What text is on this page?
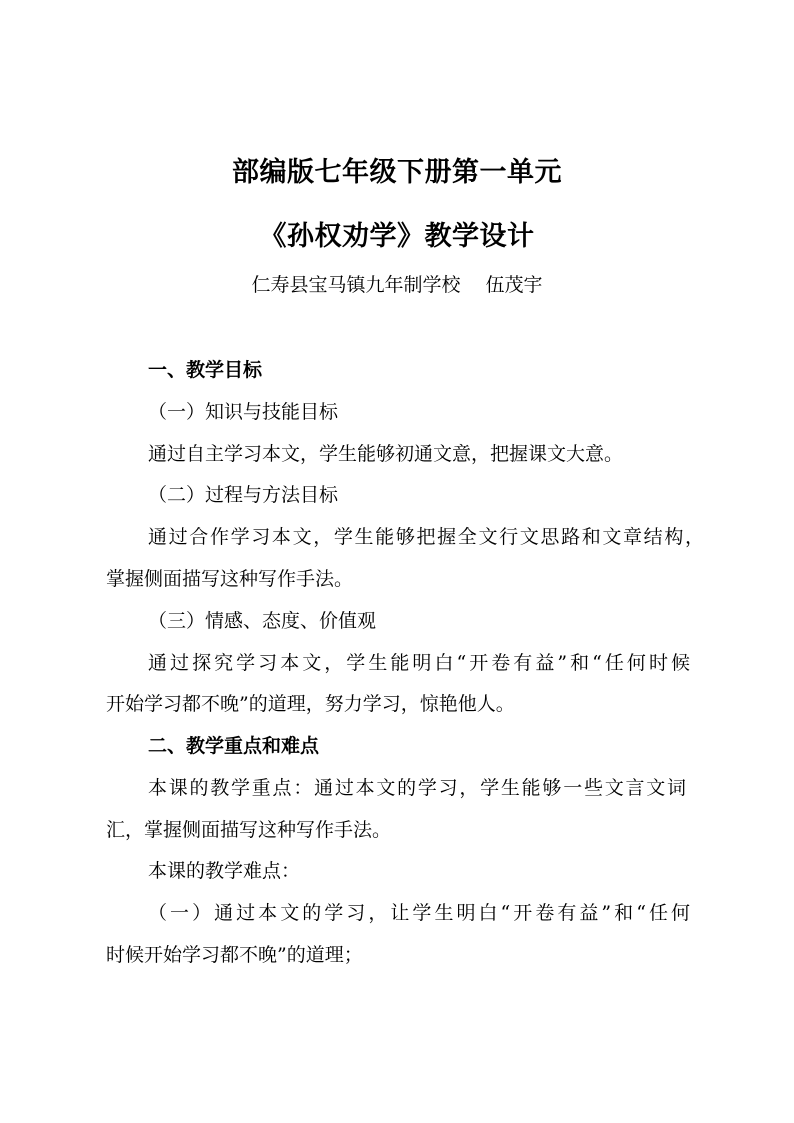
部编版七年级下册第一单元
《孙权劝学》教学设计
仁寿县宝马镇九年制学校　 伍茂宇
一、教学目标
（一）知识与技能目标
通过自主学习本文，学生能够初通文意，把握课文大意。
（二）过程与方法目标
通过合作学习本文，学生能够把握全文行文思路和文章结构，
掌握侧面描写这种写作手法。
（三）情感、态度、价值观
通过探究学习本文，学生能明白“开卷有益”和“任何时候
开始学习都不晚”的道理，努力学习，惊艳他人。
二、教学重点和难点
本课的教学重点：通过本文的学习，学生能够一些文言文词
汇，掌握侧面描写这种写作手法。
本课的教学难点：
（一）通过本文的学习，让学生明白“开卷有益”和“任何
时候开始学习都不晚”的道理；
